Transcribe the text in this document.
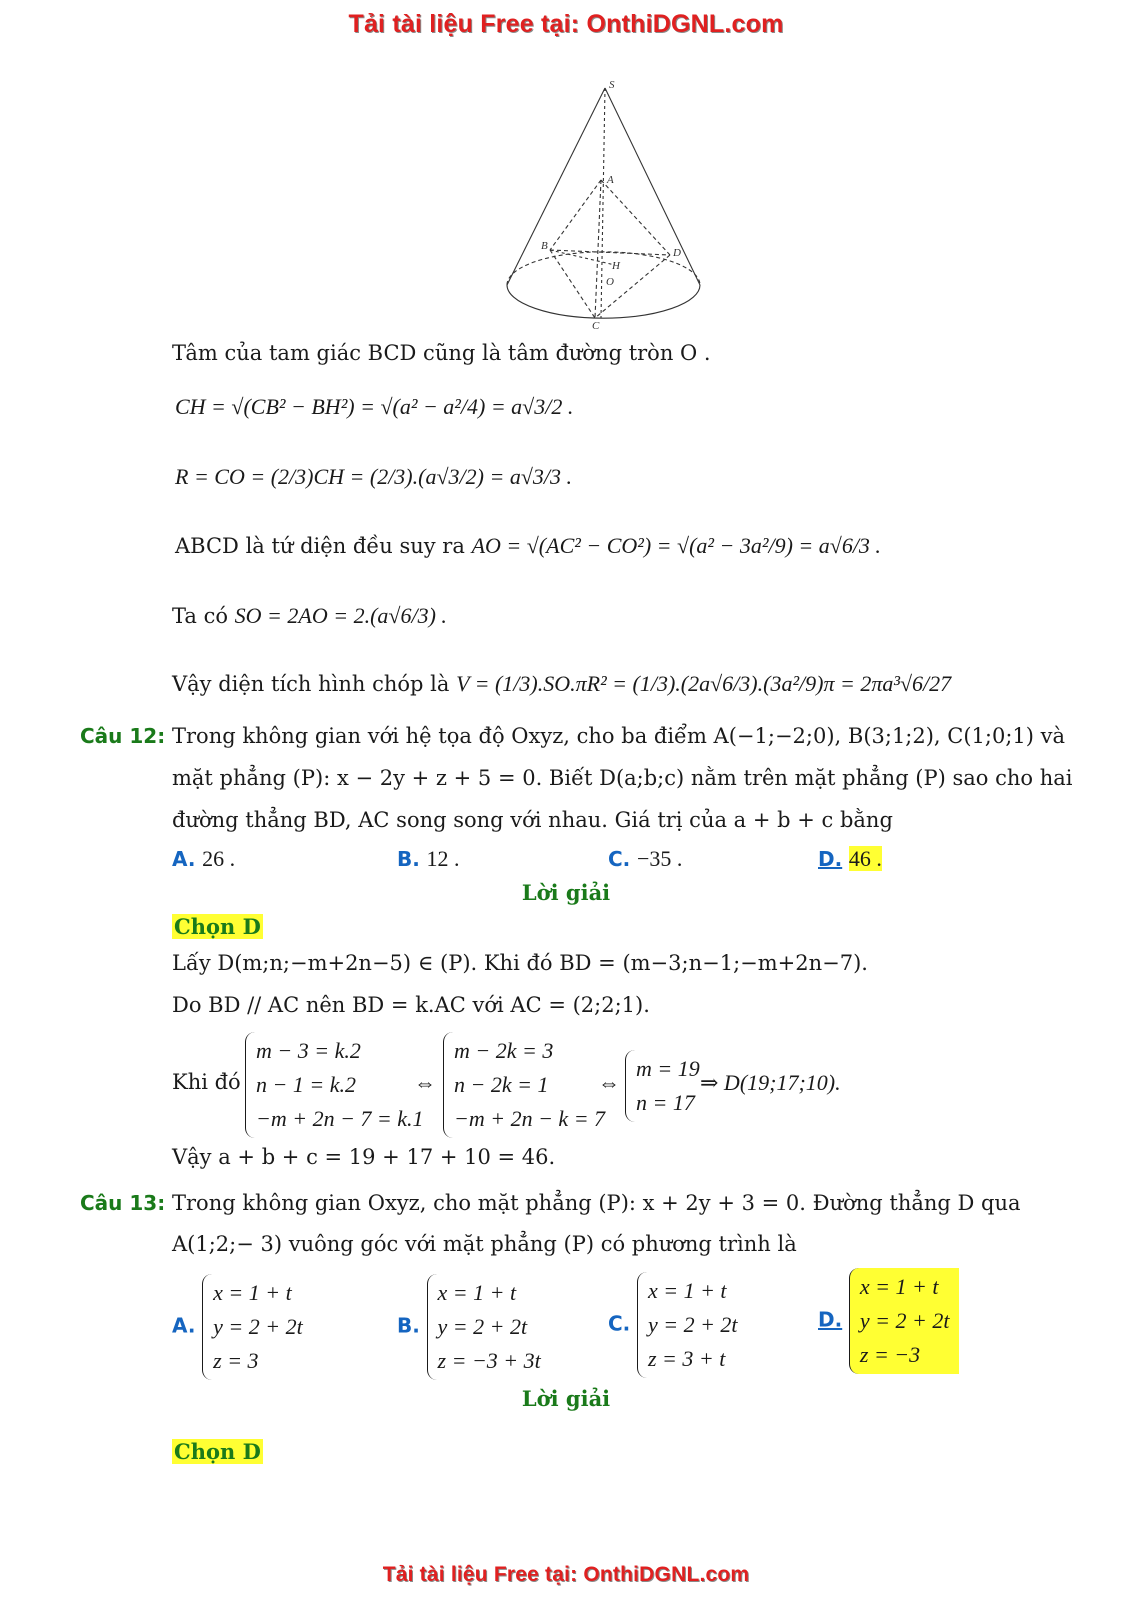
Tải tài liệu Free tại: OnthiDGNL.com
S
A
B
D
H
O
C
Tâm của tam giác BCD cũng là tâm đường tròn O .
CH = √(CB² − BH²) = √(a² − a²/4) = a√3/2 .
R = CO = (2/3)CH = (2/3).(a√3/2) = a√3/3 .
ABCD là tứ diện đều suy ra AO = √(AC² − CO²) = √(a² − 3a²/9) = a√6/3 .
Ta có SO = 2AO = 2.(a√6/3) .
Vậy diện tích hình chóp là V = (1/3).SO.πR² = (1/3).(2a√6/3).(3a²/9)π = 2πa³√6/27
Câu 12: Trong không gian với hệ tọa độ Oxyz, cho ba điểm A(−1;−2;0), B(3;1;2), C(1;0;1) và
mặt phẳng (P): x − 2y + z + 5 = 0. Biết D(a;b;c) nằm trên mặt phẳng (P) sao cho hai
đường thẳng BD, AC song song với nhau. Giá trị của a + b + c bằng
A. 26 .	B. 12 .	C. −35 .	D. 46 .
Lời giải
Chọn D
Lấy D(m;n;−m+2n−5) ∈ (P). Khi đó BD = (m−3;n−1;−m+2n−7).
Do BD // AC nên BD = k.AC với AC = (2;2;1).
Khi đó
m − 3 = k.2
n − 1 = k.2
−m + 2n − 7 = k.1
⇔
m − 2k = 3
n − 2k = 1
−m + 2n − k = 7
⇔
m = 19
n = 17
⇒ D(19;17;10).
Vậy a + b + c = 19 + 17 + 10 = 46.
Câu 13: Trong không gian Oxyz, cho mặt phẳng (P): x + 2y + 3 = 0. Đường thẳng D qua
A(1;2;− 3) vuông góc với mặt phẳng (P) có phương trình là
A.
x = 1 + t
y = 2 + 2t
z = 3
B.
x = 1 + t
y = 2 + 2t
z = −3 + 3t
C.
x = 1 + t
y = 2 + 2t
z = 3 + t
D.
x = 1 + t
y = 2 + 2t
z = −3
Lời giải
Chọn D
Tải tài liệu Free tại: OnthiDGNL.com
